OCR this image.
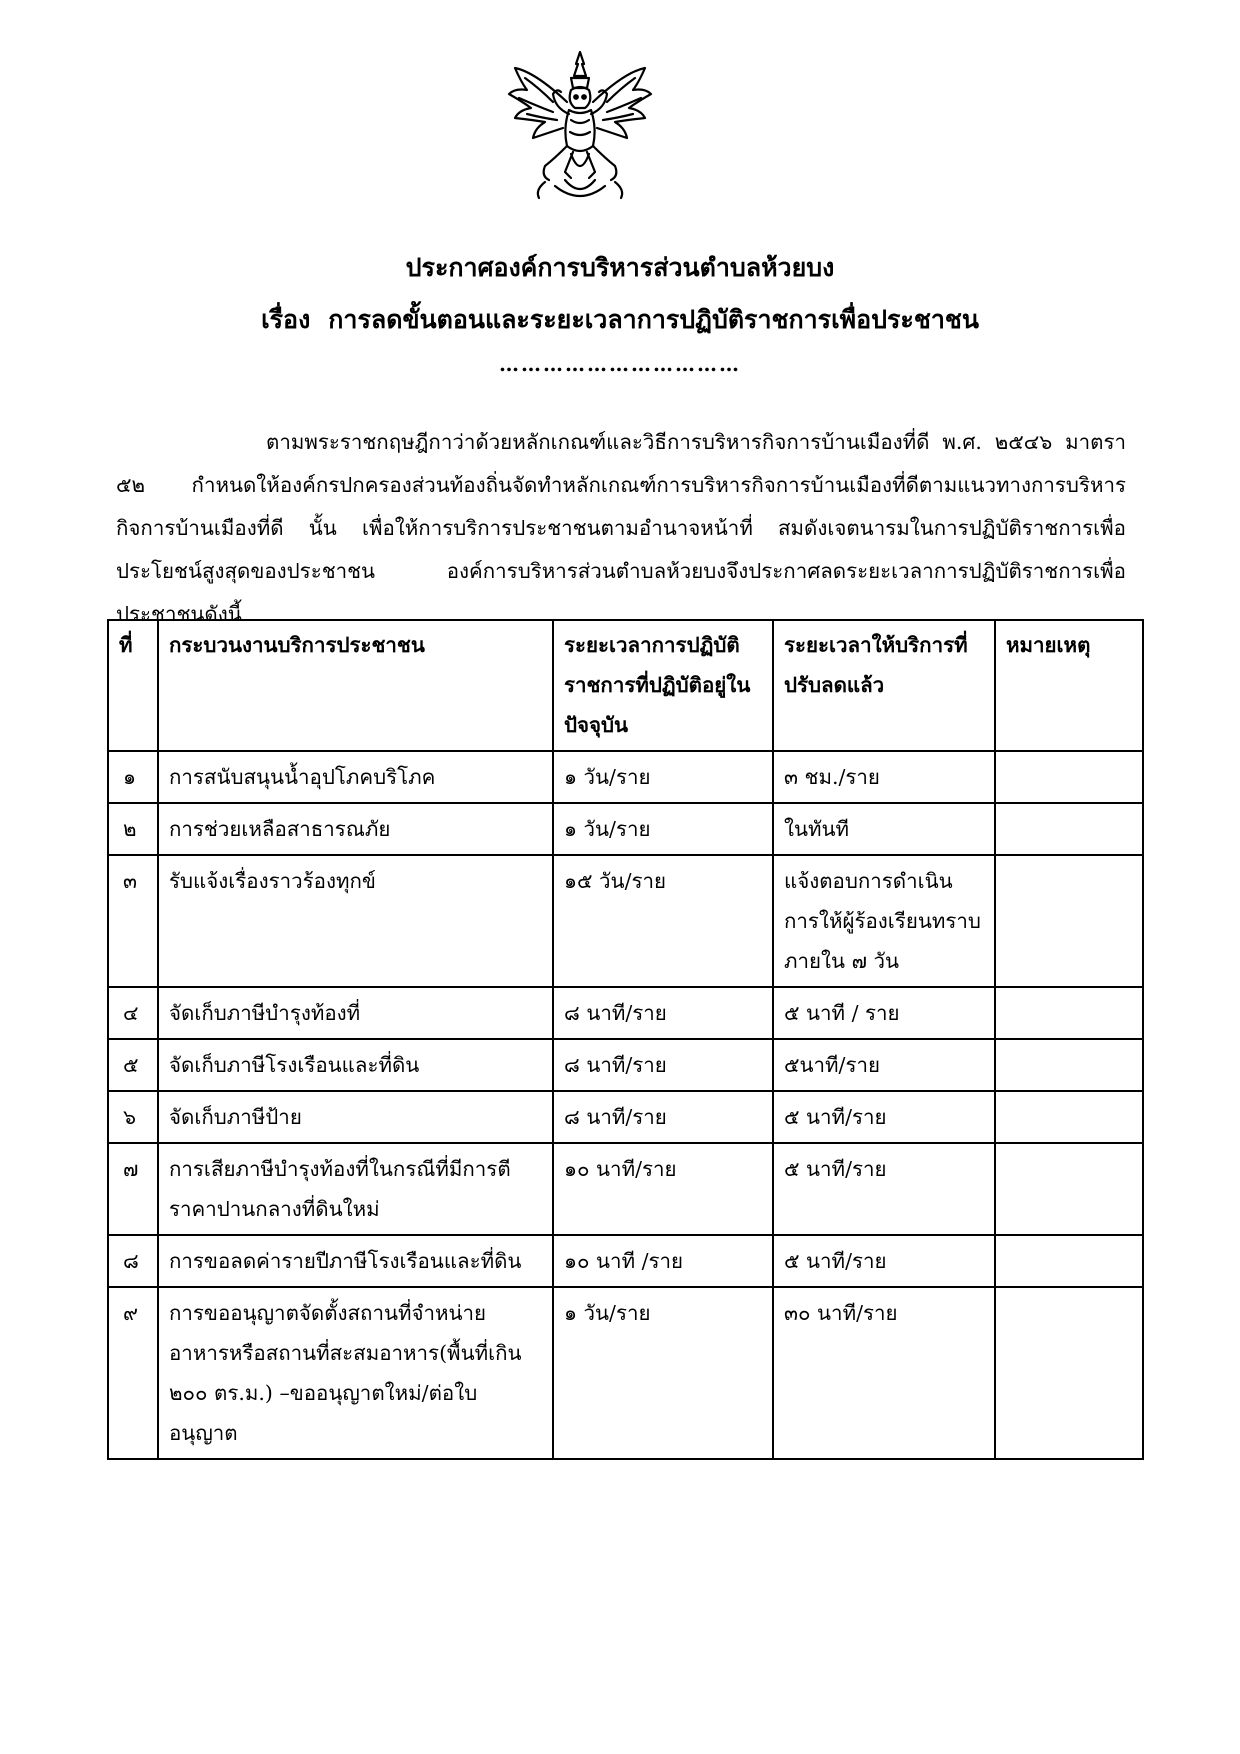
ประกาศองค์การบริหารส่วนตำบลห้วยบง
เรื่อง การลดขั้นตอนและระยะเวลาการปฏิบัติราชการเพื่อประชาชน
……………………………

ตามพระราชกฤษฎีกาว่าด้วยหลักเกณฑ์และวิธีการบริหารกิจการบ้านเมืองที่ดี พ.ศ. ๒๕๔๖ มาตรา ๕๒ กำหนดให้องค์กรปกครองส่วนท้องถิ่นจัดทำหลักเกณฑ์การบริหารกิจการบ้านเมืองที่ดีตามแนวทางการบริหารกิจการบ้านเมืองที่ดี นั้น เพื่อให้การบริการประชาชนตามอำนาจหน้าที่ สมดังเจตนารมในการปฏิบัติราชการเพื่อประโยชน์สูงสุดของประชาชน องค์การบริหารส่วนตำบลห้วยบงจึงประกาศลดระยะเวลาการปฏิบัติราชการเพื่อประชาชนดังนี้

ที่	กระบวนงานบริการประชาชน	ระยะเวลาการปฏิบัติราชการที่ปฏิบัติอยู่ในปัจจุบัน	ระยะเวลาให้บริการที่ปรับลดแล้ว	หมายเหตุ
๑	การสนับสนุนน้ำอุปโภคบริโภค	๑ วัน/ราย	๓ ชม./ราย	
๒	การช่วยเหลือสาธารณภัย	๑ วัน/ราย	ในทันที	
๓	รับแจ้งเรื่องราวร้องทุกข์	๑๕ วัน/ราย	แจ้งตอบการดำเนินการให้ผู้ร้องเรียนทราบภายใน ๗ วัน	
๔	จัดเก็บภาษีบำรุงท้องที่	๘ นาที/ราย	๕ นาที / ราย	
๕	จัดเก็บภาษีโรงเรือนและที่ดิน	๘ นาที/ราย	๕นาที/ราย	
๖	จัดเก็บภาษีป้าย	๘ นาที/ราย	๕ นาที/ราย	
๗	การเสียภาษีบำรุงท้องที่ในกรณีที่มีการตีราคาปานกลางที่ดินใหม่	๑๐ นาที/ราย	๕ นาที/ราย	
๘	การขอลดค่ารายปีภาษีโรงเรือนและที่ดิน	๑๐ นาที /ราย	๕ นาที/ราย	
๙	การขออนุญาตจัดตั้งสถานที่จำหน่ายอาหารหรือสถานที่สะสมอาหาร(พื้นที่เกิน ๒๐๐ ตร.ม.) –ขออนุญาตใหม่/ต่อใบอนุญาต	๑ วัน/ราย	๓๐ นาที/ราย	
